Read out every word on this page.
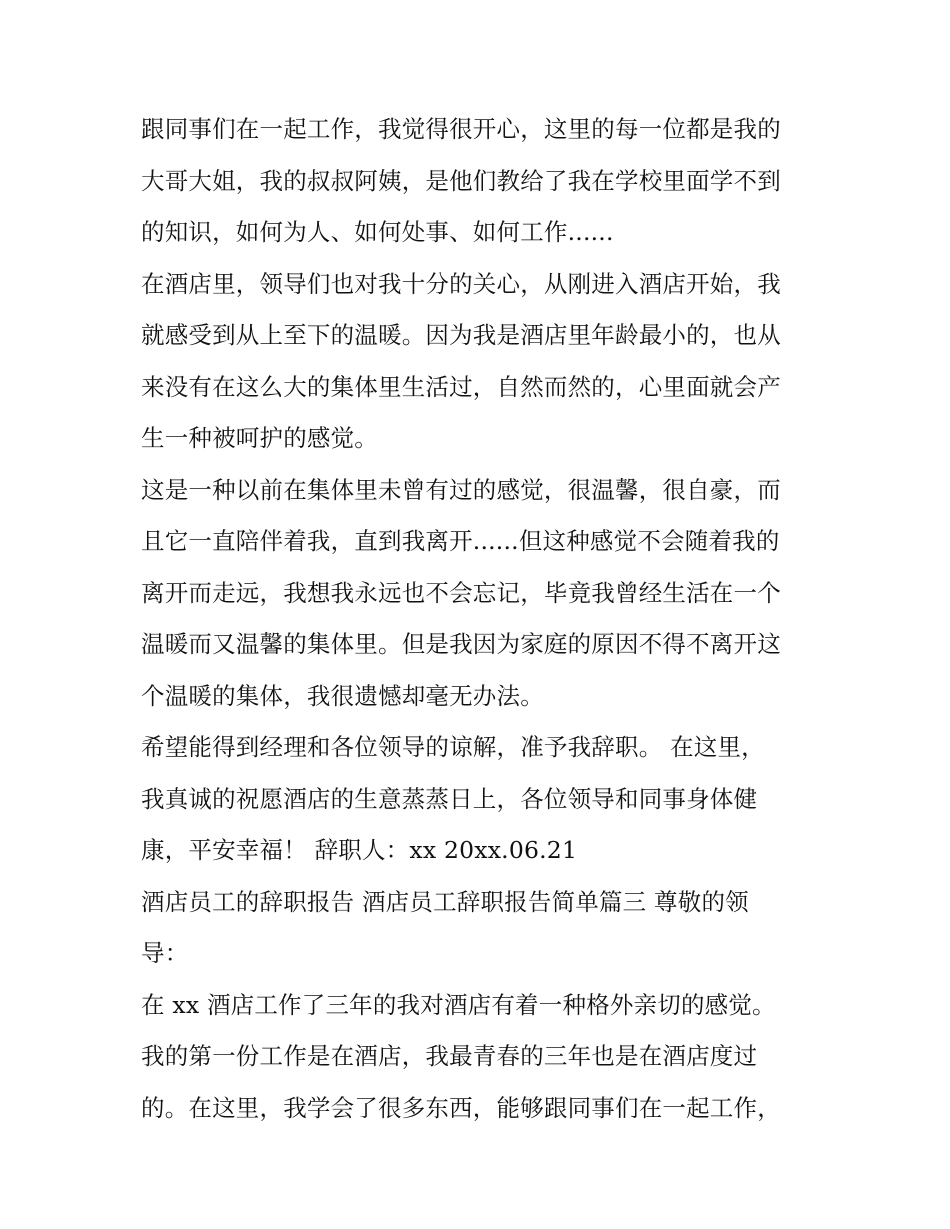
跟同事们在一起工作，我觉得很开心，这里的每一位都是我的
大哥大姐，我的叔叔阿姨，是他们教给了我在学校里面学不到
的知识，如何为人、如何处事、如何工作......
在酒店里，领导们也对我十分的关心，从刚进入酒店开始，我
就感受到从上至下的温暖。因为我是酒店里年龄最小的，也从
来没有在这么大的集体里生活过，自然而然的，心里面就会产
生一种被呵护的感觉。
这是一种以前在集体里未曾有过的感觉，很温馨，很自豪，而
且它一直陪伴着我，直到我离开......但这种感觉不会随着我的
离开而走远，我想我永远也不会忘记，毕竟我曾经生活在一个
温暖而又温馨的集体里。但是我因为家庭的原因不得不离开这
个温暖的集体，我很遗憾却毫无办法。
希望能得到经理和各位领导的谅解，准予我辞职。 在这里，
我真诚的祝愿酒店的生意蒸蒸日上，各位领导和同事身体健
康，平安幸福！ 辞职人：xx 20xx.06.21
酒店员工的辞职报告 酒店员工辞职报告简单篇三 尊敬的领
导：
在 xx 酒店工作了三年的我对酒店有着一种格外亲切的感觉。
我的第一份工作是在酒店，我最青春的三年也是在酒店度过
的。在这里，我学会了很多东西，能够跟同事们在一起工作，
